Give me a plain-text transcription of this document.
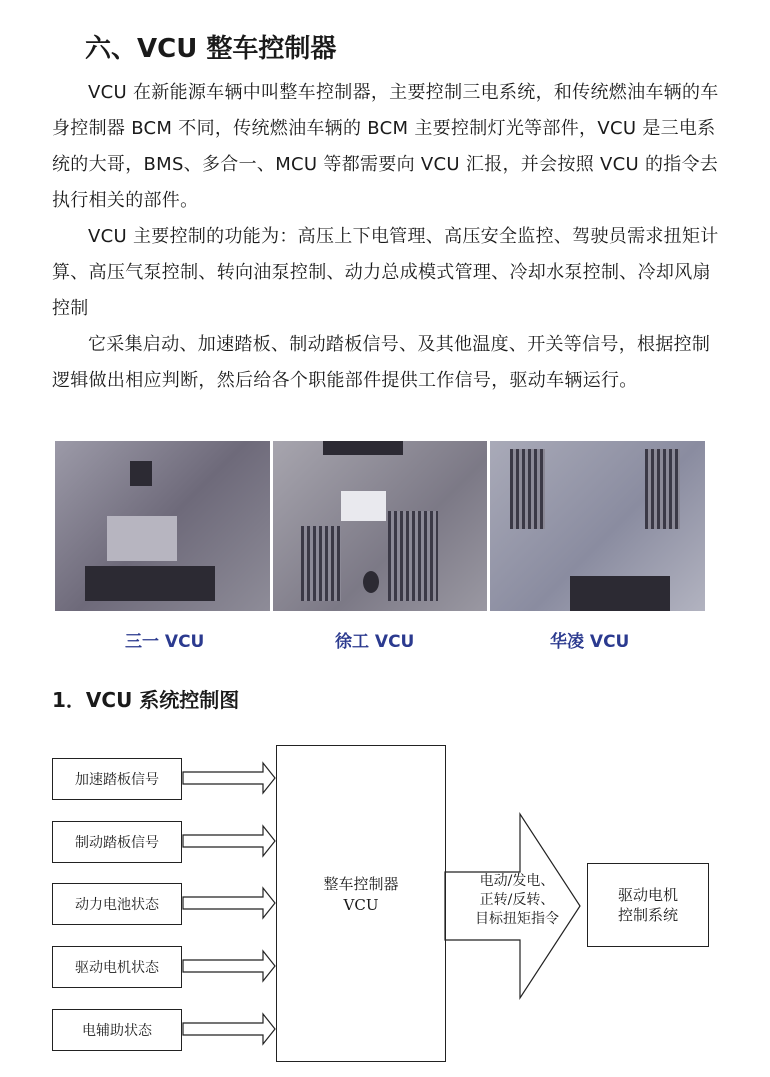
六、VCU 整车控制器
VCU 在新能源车辆中叫整车控制器，主要控制三电系统，和传统燃油车辆的车身控制器 BCM 不同，传统燃油车辆的 BCM 主要控制灯光等部件，VCU 是三电系统的大哥，BMS、多合一、MCU 等都需要向 VCU 汇报，并会按照 VCU 的指令去执行相关的部件。
VCU 主要控制的功能为：高压上下电管理、高压安全监控、驾驶员需求扭矩计算、高压气泵控制、转向油泵控制、动力总成模式管理、冷却水泵控制、冷却风扇控制
它采集启动、加速踏板、制动踏板信号、及其他温度、开关等信号，根据控制逻辑做出相应判断，然后给各个职能部件提供工作信号，驱动车辆运行。
三一 VCU	徐工 VCU	华凌 VCU
1．VCU 系统控制图
加速踏板信号
制动踏板信号
动力电池状态
驱动电机状态
电辅助状态
整车控制器
VCU
电动/发电、
正转/反转、
目标扭矩指令
驱动电机
控制系统
